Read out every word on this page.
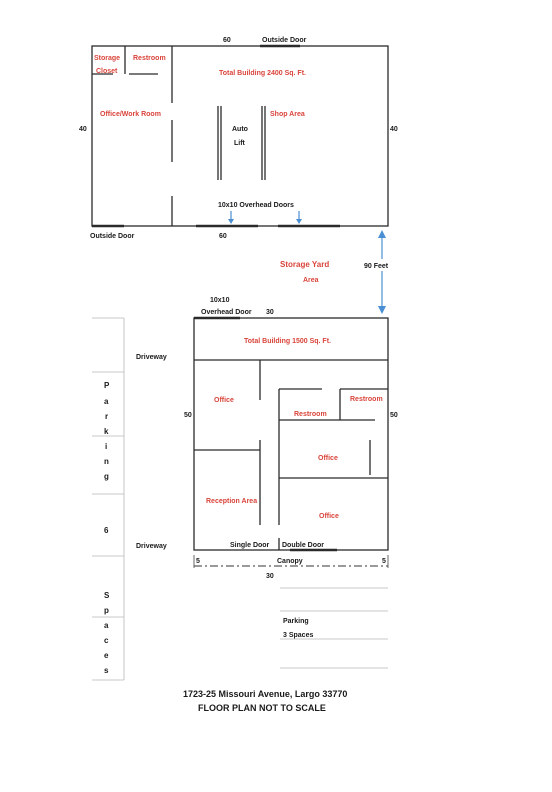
60	Outside Door
Storage
Closet
Restroom
Total Building 2400 Sq. Ft.
Office/Work Room	Shop Area
Auto
Lift
40	40
10x10 Overhead Doors
Outside Door	60
Storage Yard
Area
90 Feet
10x10
Overhead Door 30
Total Building 1500 Sq. Ft.
Office
Restroom
Restroom
Office
Reception Area
Office
50	50
Single Door Double Door
5	Canopy	5
30
P
a
r
k
i
n
g
6
S
p
a
c
e
s
Driveway
Driveway
Parking
3 Spaces
1723-25 Missouri Avenue, Largo 33770
FLOOR PLAN NOT TO SCALE
